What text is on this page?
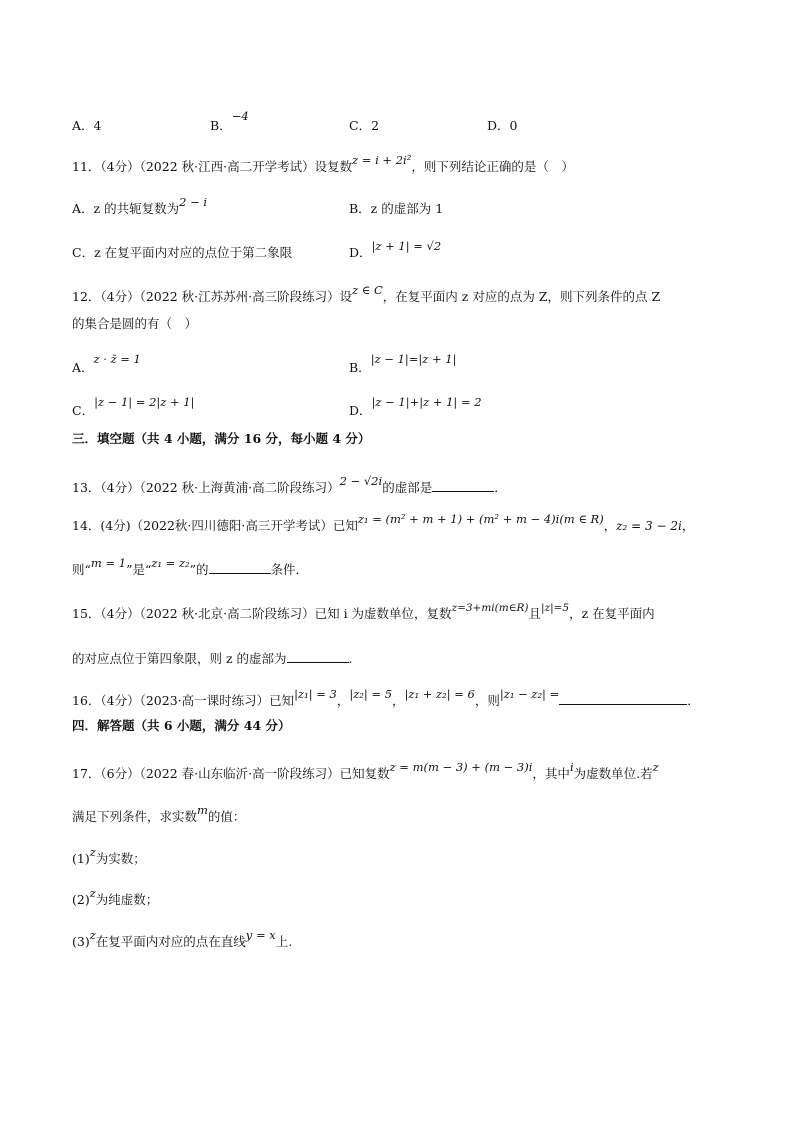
A．4	B．−4
C．2	D．0
11．（4分）（2022 秋·江西·高二开学考试）设复数z = i + 2i²，则下列结论正确的是（　）
A．z 的共轭复数为2 − i	B．z 的虚部为 1
C．z 在复平面内对应的点位于第二象限	D．|z + 1| = √2
12．（4分）（2022 秋·江苏苏州·高三阶段练习）设z ∈ C，在复平面内 z 对应的点为 Z，则下列条件的点 Z
的集合是圆的有（　）
A．z · z̄ = 1
B．|z − 1|=|z + 1|
C．|z − 1| = 2|z + 1|
D．|z − 1|+|z + 1| = 2
三．填空题（共 4 小题，满分 16 分，每小题 4 分）
13．（4分）（2022 秋·上海黄浦·高二阶段练习）2 − √2i的虚部是	．
14．(4分)（2022秋·四川德阳·高三开学考试）已知z₁ = (m² + m + 1) + (m² + m − 4)i(m ∈ R)，z₂ = 3 − 2i，
则“m = 1”是“z₁ = z₂”的	条件．
15．（4分）（2022 秋·北京·高二阶段练习）已知 i 为虚数单位，复数$^{z=3+mi(m\in R)}$且$^{|z|=5}$，z 在复平面内
的对应点位于第四象限，则 z 的虚部为	.
16．（4分）（2023·高一课时练习）已知|z₁| = 3，|z₂| = 5，|z₁ + z₂| = 6，则|z₁ − z₂| =	．
四．解答题（共 6 小题，满分 44 分）
17．（6分）（2022 春·山东临沂·高一阶段练习）已知复数z = m(m − 3) + (m − 3)i，其中i为虚数单位.若z
满足下列条件，求实数m的值：
(1)z为实数；
(2)z为纯虚数；
(3)z在复平面内对应的点在直线y = x上.
